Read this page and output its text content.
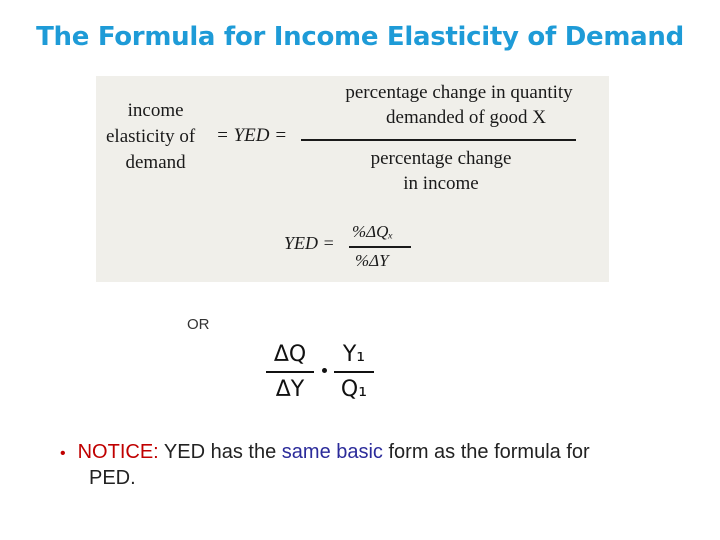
The Formula for Income Elasticity of Demand
income
elasticity of
demand
= YED =
percentage change in quantity
demanded of good X
percentage change
in income
YED =
%ΔQₓ
%ΔY
OR
ΔQ
ΔY
Y₁
Q₁
• NOTICE: YED has the same basic form as the formula for
PED.
